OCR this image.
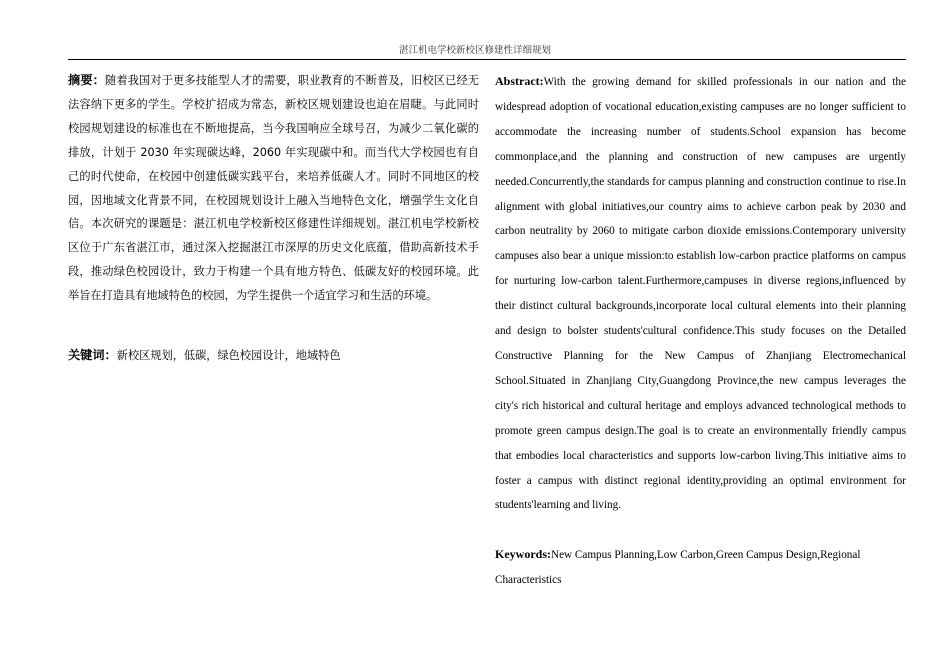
湛江机电学校新校区修建性详细规划
摘要：随着我国对于更多技能型人才的需要，职业教育的不断普及，旧校区已经无法容纳下更多的学生。学校扩招成为常态，新校区规划建设也迫在眉睫。与此同时校园规划建设的标准也在不断地提高，当今我国响应全球号召，为减少二氧化碳的排放，计划于 2030 年实现碳达峰，2060 年实现碳中和。而当代大学校园也有自己的时代使命，在校园中创建低碳实践平台，来培养低碳人才。同时不同地区的校园，因地域文化背景不同，在校园规划设计上融入当地特色文化，增强学生文化自信。本次研究的课题是：湛江机电学校新校区修建性详细规划。湛江机电学校新校区位于广东省湛江市，通过深入挖掘湛江市深厚的历史文化底蕴，借助高新技术手段，推动绿色校园设计，致力于构建一个具有地方特色、低碳友好的校园环境。此举旨在打造具有地域特色的校园，为学生提供一个适宜学习和生活的环境。
关键词：新校区规划，低碳，绿色校园设计，地域特色
Abstract:With the growing demand for skilled professionals in our nation and the widespread adoption of vocational education,existing campuses are no longer sufficient to accommodate the increasing number of students.School expansion has become commonplace,and the planning and construction of new campuses are urgently needed.Concurrently,the standards for campus planning and construction continue to rise.In alignment with global initiatives,our country aims to achieve carbon peak by 2030 and carbon neutrality by 2060 to mitigate carbon dioxide emissions.Contemporary university campuses also bear a unique mission:to establish low-carbon practice platforms on campus for nurturing low-carbon talent.Furthermore,campuses in diverse regions,influenced by their distinct cultural backgrounds,incorporate local cultural elements into their planning and design to bolster students'cultural confidence.This study focuses on the Detailed Constructive Planning for the New Campus of Zhanjiang Electromechanical School.Situated in Zhanjiang City,Guangdong Province,the new campus leverages the city's rich historical and cultural heritage and employs advanced technological methods to promote green campus design.The goal is to create an environmentally friendly campus that embodies local characteristics and supports low-carbon living.This initiative aims to foster a campus with distinct regional identity,providing an optimal environment for students'learning and living.
Keywords:New Campus Planning,Low Carbon,Green Campus Design,Regional Characteristics
